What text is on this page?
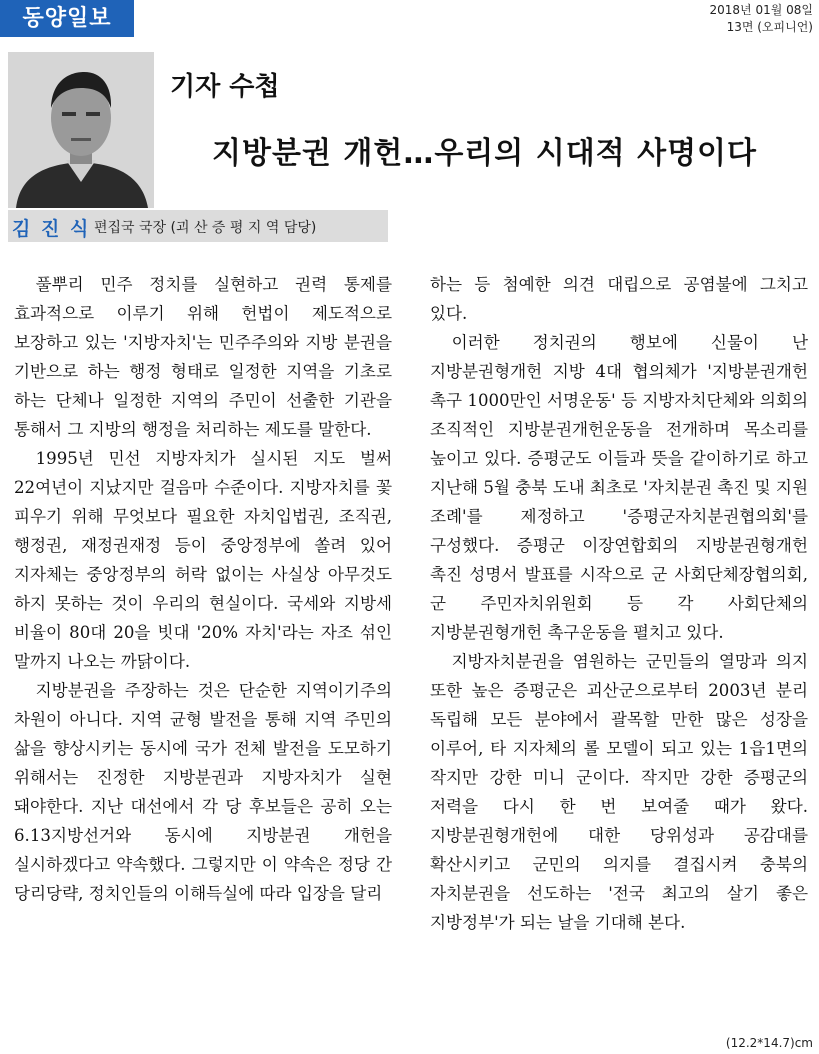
동양일보	2018년 01월 08일
13면 (오피니언)
기자 수첩
지방분권 개헌…우리의 시대적 사명이다
김 진 식 편집국 국장 (괴 산 증 평 지 역 담당)

풀뿌리 민주 정치를 실현하고 권력 통제를 효과적으로 이루기 위해 헌법이 제도적으로 보장하고 있는 '지방자치'는 민주주의와 지방 분권을 기반으로 하는 행정 형태로 일정한 지역을 기초로 하는 단체나 일정한 지역의 주민이 선출한 기관을 통해서 그 지방의 행정을 처리하는 제도를 말한다.

1995년 민선 지방자치가 실시된 지도 벌써 22여년이 지났지만 걸음마 수준이다. 지방자치를 꽃 피우기 위해 무엇보다 필요한 자치입법권, 조직권, 행정권, 재정권재정 등이 중앙정부에 쏠려 있어 지자체는 중앙정부의 허락 없이는 사실상 아무것도 하지 못하는 것이 우리의 현실이다. 국세와 지방세 비율이 80대 20을 빗대 '20% 자치'라는 자조 섞인 말까지 나오는 까닭이다.

지방분권을 주장하는 것은 단순한 지역이기주의 차원이 아니다. 지역 균형 발전을 통해 지역 주민의 삶을 향상시키는 동시에 국가 전체 발전을 도모하기 위해서는 진정한 지방분권과 지방자치가 실현 돼야한다. 지난 대선에서 각 당 후보들은 공히 오는 6.13지방선거와 동시에 지방분권 개헌을 실시하겠다고 약속했다. 그렇지만 이 약속은 정당 간 당리당략, 정치인들의 이해득실에 따라 입장을 달리

하는 등 첨예한 의견 대립으로 공염불에 그치고 있다.

이러한 정치권의 행보에 신물이 난 지방분권형개헌 지방 4대 협의체가 '지방분권개헌 촉구 1000만인 서명운동' 등 지방자치단체와 의회의 조직적인 지방분권개헌운동을 전개하며 목소리를 높이고 있다. 증평군도 이들과 뜻을 같이하기로 하고 지난해 5월 충북 도내 최초로 '자치분권 촉진 및 지원 조례'를 제정하고 '증평군자치분권협의회'를 구성했다. 증평군 이장연합회의 지방분권형개헌 촉진 성명서 발표를 시작으로 군 사회단체장협의회, 군 주민자치위원회 등 각 사회단체의 지방분권형개헌 촉구운동을 펼치고 있다.

지방자치분권을 염원하는 군민들의 열망과 의지 또한 높은 증평군은 괴산군으로부터 2003년 분리 독립해 모든 분야에서 괄목할 만한 많은 성장을 이루어, 타 지자체의 롤 모델이 되고 있는 1읍1면의 작지만 강한 미니 군이다. 작지만 강한 증평군의 저력을 다시 한 번 보여줄 때가 왔다. 지방분권형개헌에 대한 당위성과 공감대를 확산시키고 군민의 의지를 결집시켜 충북의 자치분권을 선도하는 '전국 최고의 살기 좋은 지방정부'가 되는 날을 기대해 본다.

(12.2*14.7)cm
